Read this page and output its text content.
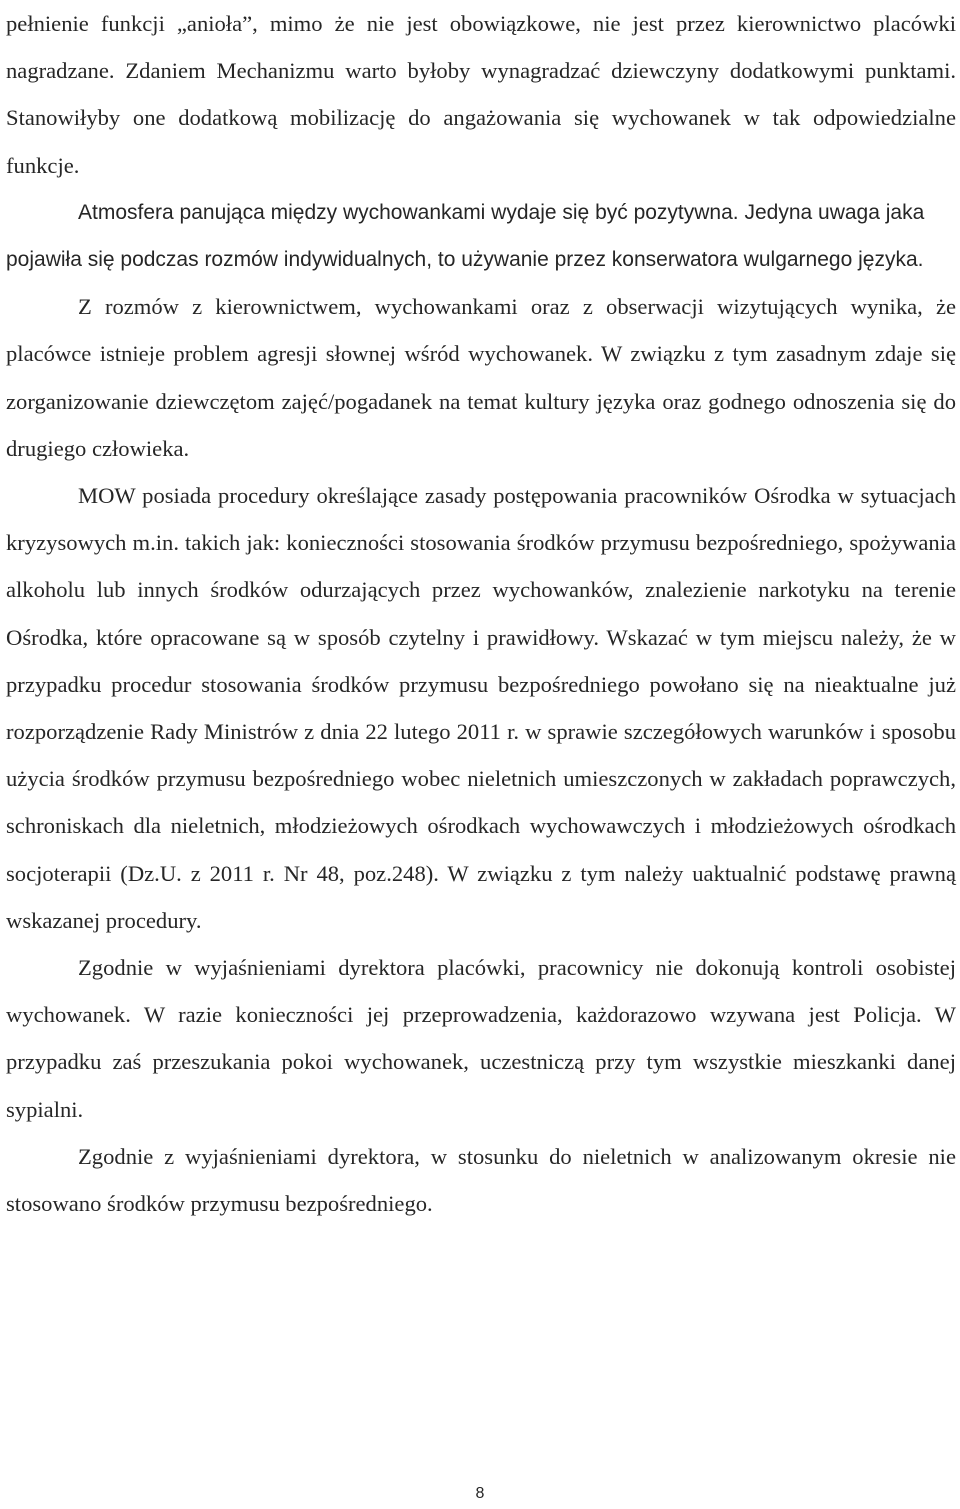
pełnienie funkcji „anioła”, mimo że nie jest obowiązkowe, nie jest przez kierownictwo placówki nagradzane. Zdaniem Mechanizmu warto byłoby wynagradzać dziewczyny dodatkowymi punktami. Stanowiłyby one dodatkową mobilizację do angażowania się wychowanek w tak odpowiedzialne funkcje.

Atmosfera panująca między wychowankami wydaje się być pozytywna. Jedyna uwaga jaka pojawiła się podczas rozmów indywidualnych, to używanie przez konserwatora wulgarnego języka.

Z rozmów z kierownictwem, wychowankami oraz z obserwacji wizytujących wynika, że placówce istnieje problem agresji słownej wśród wychowanek. W związku z tym zasadnym zdaje się zorganizowanie dziewczętom zajęć/pogadanek na temat kultury języka oraz godnego odnoszenia się do drugiego człowieka.

MOW posiada procedury określające zasady postępowania pracowników Ośrodka w sytuacjach kryzysowych m.in. takich jak: konieczności stosowania środków przymusu bezpośredniego, spożywania alkoholu lub innych środków odurzających przez wychowanków, znalezienie narkotyku na terenie Ośrodka, które opracowane są w sposób czytelny i prawidłowy. Wskazać w tym miejscu należy, że w przypadku procedur stosowania środków przymusu bezpośredniego powołano się na nieaktualne już rozporządzenie Rady Ministrów z dnia 22 lutego 2011 r. w sprawie szczegółowych warunków i sposobu użycia środków przymusu bezpośredniego wobec nieletnich umieszczonych w zakładach poprawczych, schroniskach dla nieletnich, młodzieżowych ośrodkach wychowawczych i młodzieżowych ośrodkach socjoterapii (Dz.U. z 2011 r. Nr 48, poz.248). W związku z tym należy uaktualnić podstawę prawną wskazanej procedury.

Zgodnie w wyjaśnieniami dyrektora placówki, pracownicy nie dokonują kontroli osobistej wychowanek. W razie konieczności jej przeprowadzenia, każdorazowo wzywana jest Policja. W przypadku zaś przeszukania pokoi wychowanek, uczestniczą przy tym wszystkie mieszkanki danej sypialni.

Zgodnie z wyjaśnieniami dyrektora, w stosunku do nieletnich w analizowanym okresie nie stosowano środków przymusu bezpośredniego.

8
